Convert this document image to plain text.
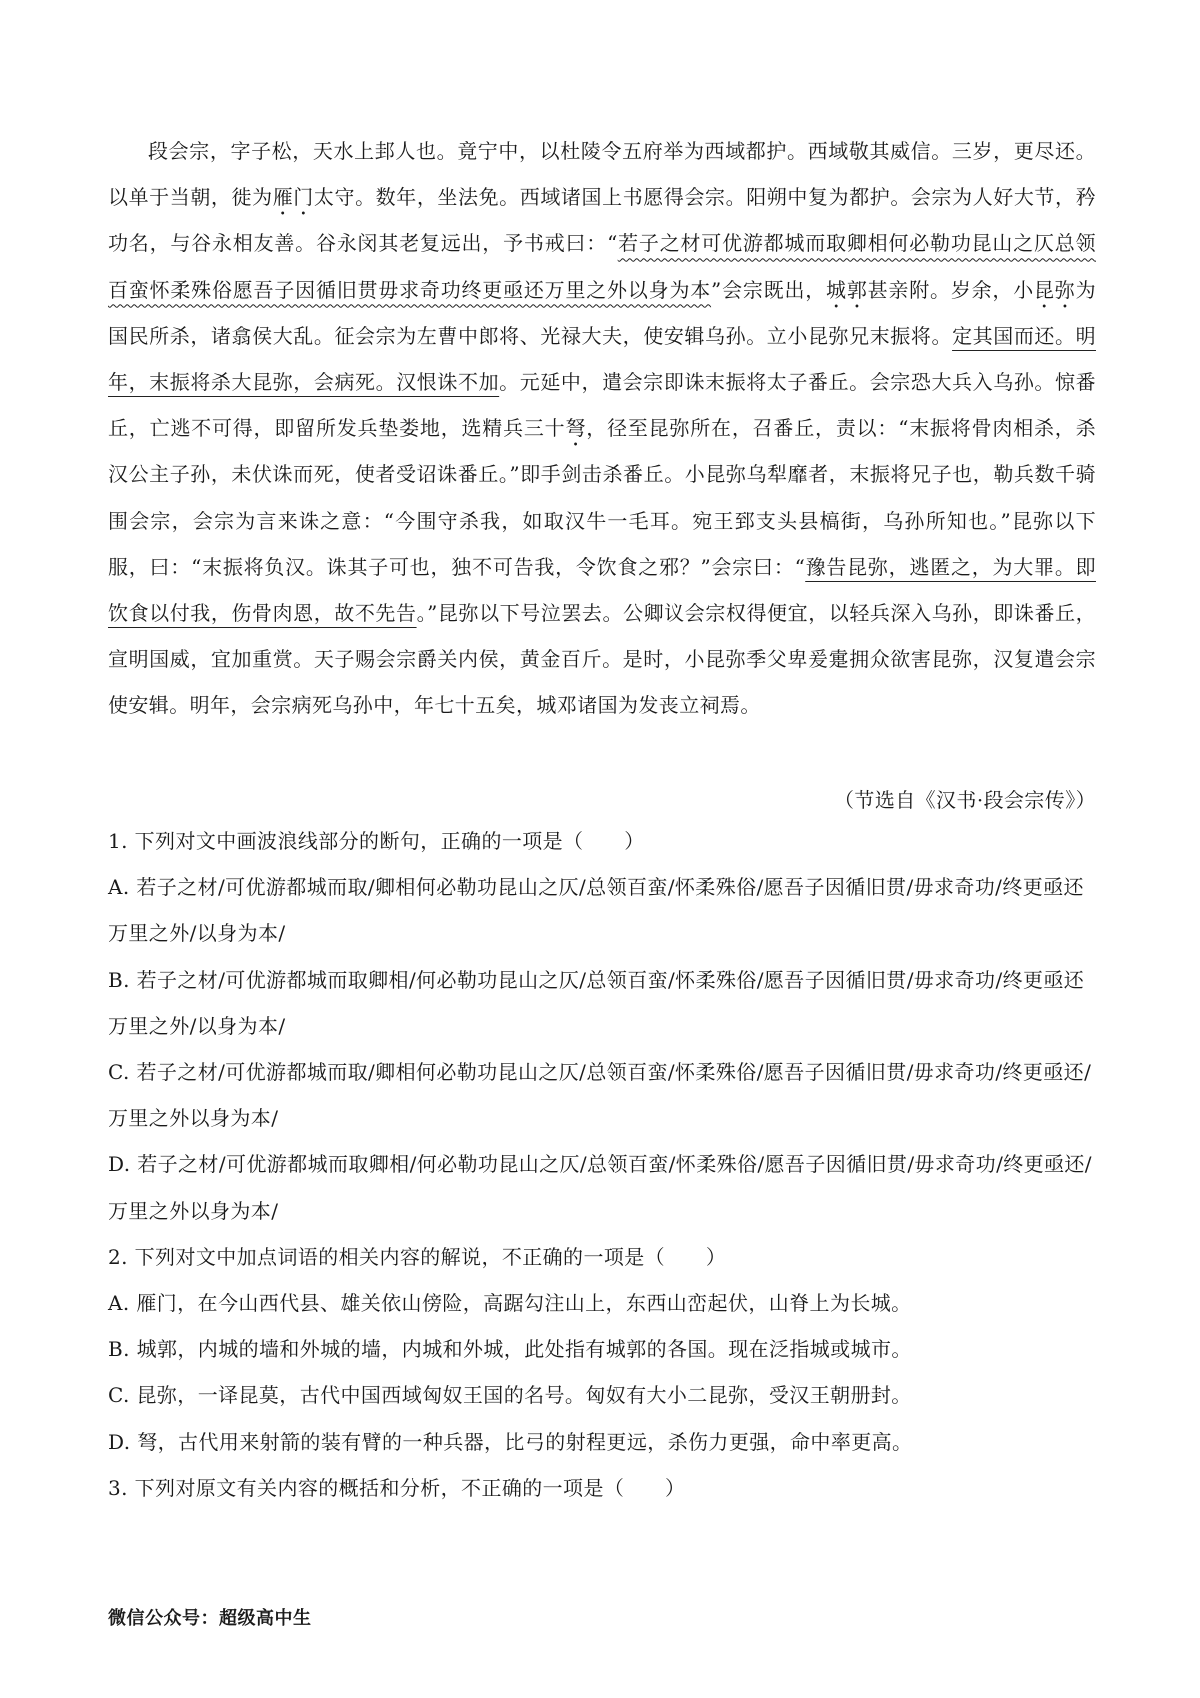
段会宗，字子松，天水上邽人也。竟宁中，以杜陵令五府举为西域都护。西域敬其威信。三岁，更尽还。以单于当朝，徙为雁门太守。数年，坐法免。西域诸国上书愿得会宗。阳朔中复为都护。会宗为人好大节，矜功名，与谷永相友善。谷永闵其老复远出，予书戒曰：“若子之材可优游都城而取卿相何必勒功昆山之仄总领百蛮怀柔殊俗愿吾子因循旧贯毋求奇功终更亟还万里之外以身为本”会宗既出，城郭甚亲附。岁余，小昆弥为国民所杀，诸翕侯大乱。征会宗为左曹中郎将、光禄大夫，使安辑乌孙。立小昆弥兄末振将。定其国而还。明年，末振将杀大昆弥，会病死。汉恨诛不加。元延中，遣会宗即诛末振将太子番丘。会宗恐大兵入乌孙。惊番丘，亡逃不可得，即留所发兵垫娄地，选精兵三十弩，径至昆弥所在，召番丘，责以：“末振将骨肉相杀，杀汉公主子孙，未伏诛而死，使者受诏诛番丘。”即手剑击杀番丘。小昆弥乌犁靡者，末振将兄子也，勒兵数千骑围会宗，会宗为言来诛之意：“今围守杀我，如取汉牛一毛耳。宛王郅支头县槁街，乌孙所知也。”昆弥以下服，曰：“末振将负汉。诛其子可也，独不可告我，令饮食之邪？”会宗曰：“豫告昆弥，逃匿之，为大罪。即饮食以付我，伤骨肉恩，故不先告。”昆弥以下号泣罢去。公卿议会宗权得便宜，以轻兵深入乌孙，即诛番丘，宣明国威，宜加重赏。天子赐会宗爵关内侯，黄金百斤。是时，小昆弥季父卑爰疐拥众欲害昆弥，汉复遣会宗使安辑。明年，会宗病死乌孙中，年七十五矣，城邓诸国为发丧立祠焉。

（节选自《汉书·段会宗传》）

1. 下列对文中画波浪线部分的断句，正确的一项是（　　）

A. 若子之材/可优游都城而取/卿相何必勒功昆山之仄/总领百蛮/怀柔殊俗/愿吾子因循旧贯/毋求奇功/终更亟还万里之外/以身为本/

B. 若子之材/可优游都城而取卿相/何必勒功昆山之仄/总领百蛮/怀柔殊俗/愿吾子因循旧贯/毋求奇功/终更亟还万里之外/以身为本/

C. 若子之材/可优游都城而取/卿相何必勒功昆山之仄/总领百蛮/怀柔殊俗/愿吾子因循旧贯/毋求奇功/终更亟还/万里之外以身为本/

D. 若子之材/可优游都城而取卿相/何必勒功昆山之仄/总领百蛮/怀柔殊俗/愿吾子因循旧贯/毋求奇功/终更亟还/万里之外以身为本/

2. 下列对文中加点词语的相关内容的解说，不正确的一项是（　　）

A. 雁门，在今山西代县、雄关依山傍险，高踞勾注山上，东西山峦起伏，山脊上为长城。

B. 城郭，内城的墙和外城的墙，内城和外城，此处指有城郭的各国。现在泛指城或城市。

C. 昆弥，一译昆莫，古代中国西域匈奴王国的名号。匈奴有大小二昆弥，受汉王朝册封。

D. 弩，古代用来射箭的装有臂的一种兵器，比弓的射程更远，杀伤力更强，命中率更高。

3. 下列对原文有关内容的概括和分析，不正确的一项是（　　）

微信公众号：超级高中生
